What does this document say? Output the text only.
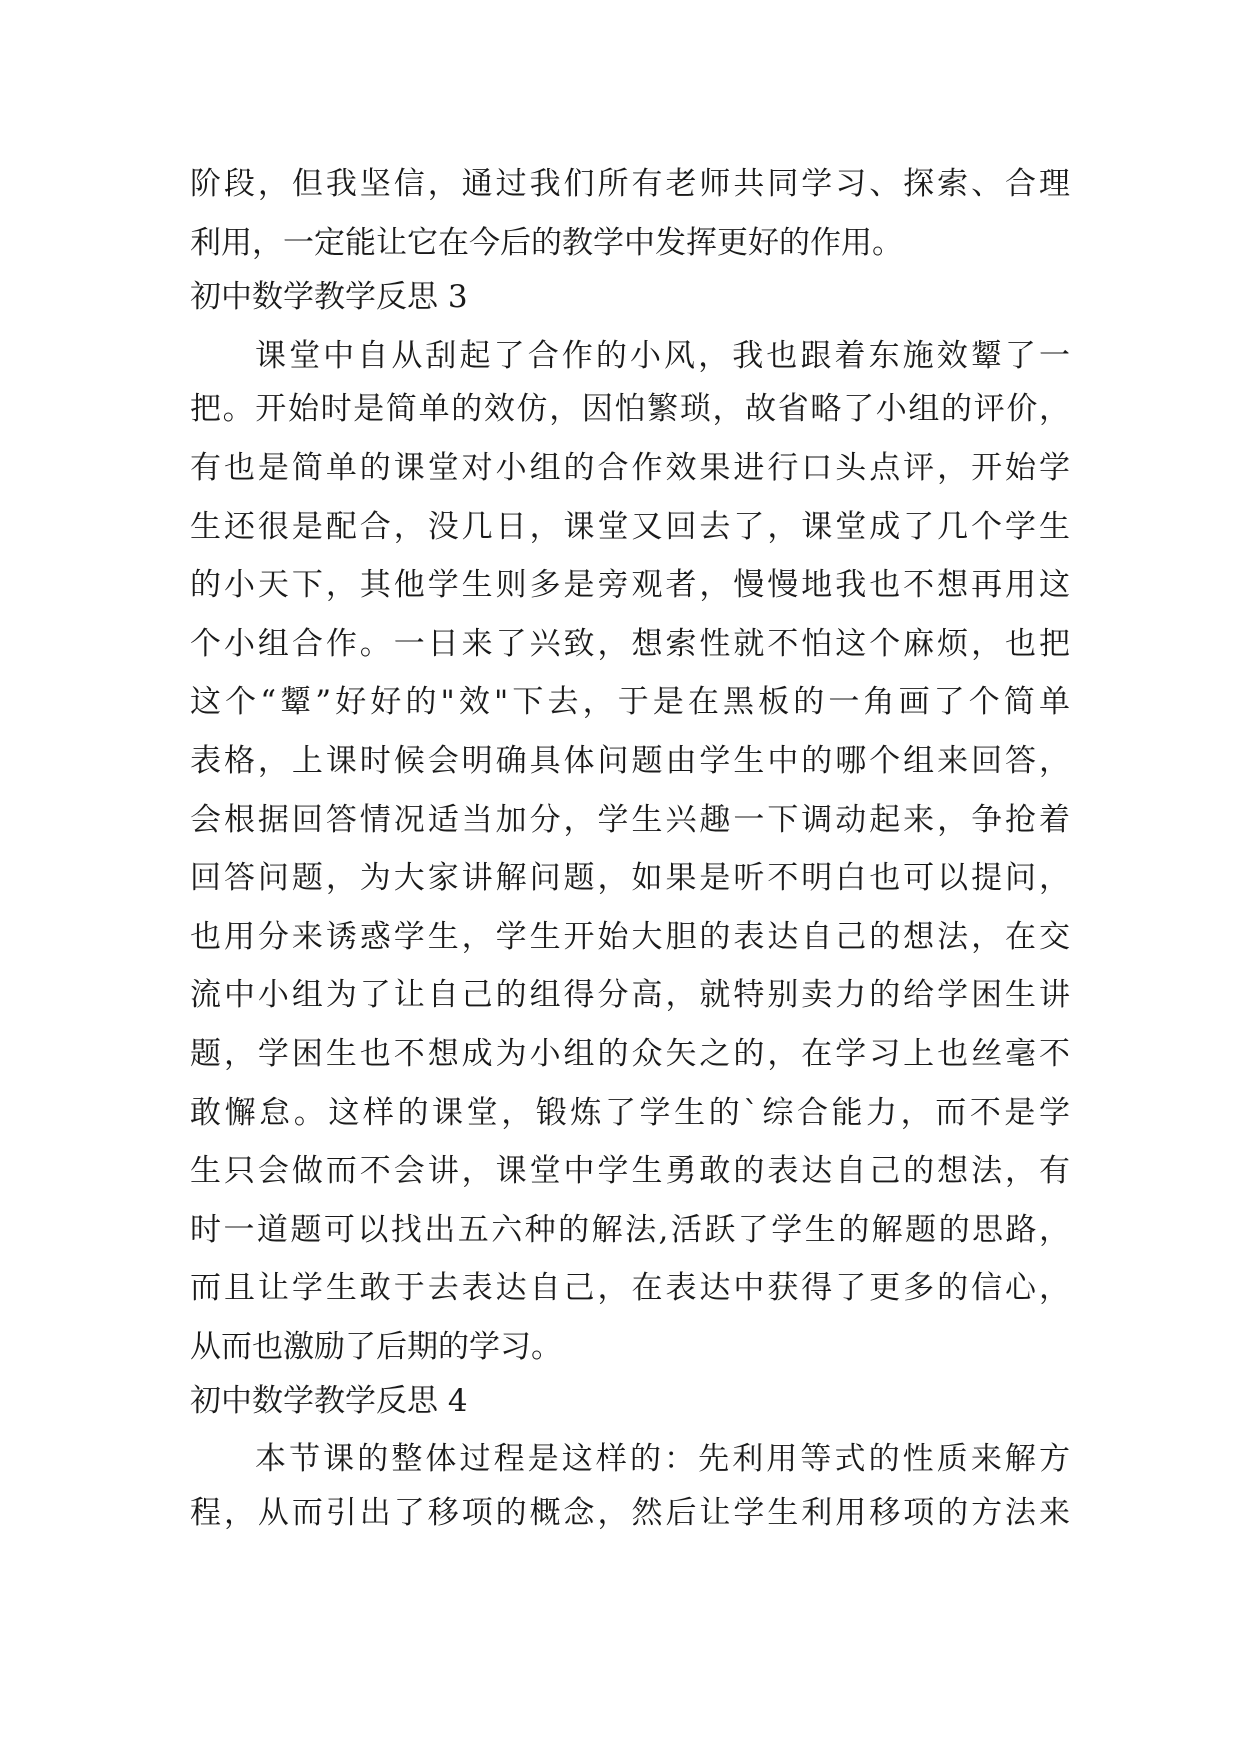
阶段，但我坚信，通过我们所有老师共同学习、探索、合理
利用，一定能让它在今后的教学中发挥更好的作用。
初中数学教学反思 3
课堂中自从刮起了合作的小风，我也跟着东施效颦了一
把。开始时是简单的效仿，因怕繁琐，故省略了小组的评价，
有也是简单的课堂对小组的合作效果进行口头点评，开始学
生还很是配合，没几日，课堂又回去了，课堂成了几个学生
的小天下，其他学生则多是旁观者，慢慢地我也不想再用这
个小组合作。一日来了兴致，想索性就不怕这个麻烦，也把
这个“颦”好好的"效"下去，于是在黑板的一角画了个简单
表格，上课时候会明确具体问题由学生中的哪个组来回答，
会根据回答情况适当加分，学生兴趣一下调动起来，争抢着
回答问题，为大家讲解问题，如果是听不明白也可以提问，
也用分来诱惑学生，学生开始大胆的表达自己的想法，在交
流中小组为了让自己的组得分高，就特别卖力的给学困生讲
题，学困生也不想成为小组的众矢之的，在学习上也丝毫不
敢懈怠。这样的课堂，锻炼了学生的`综合能力，而不是学
生只会做而不会讲，课堂中学生勇敢的表达自己的想法，有
时一道题可以找出五六种的解法,活跃了学生的解题的思路，
而且让学生敢于去表达自己，在表达中获得了更多的信心，
从而也激励了后期的学习。
初中数学教学反思 4
本节课的整体过程是这样的：先利用等式的性质来解方
程，从而引出了移项的概念，然后让学生利用移项的方法来
